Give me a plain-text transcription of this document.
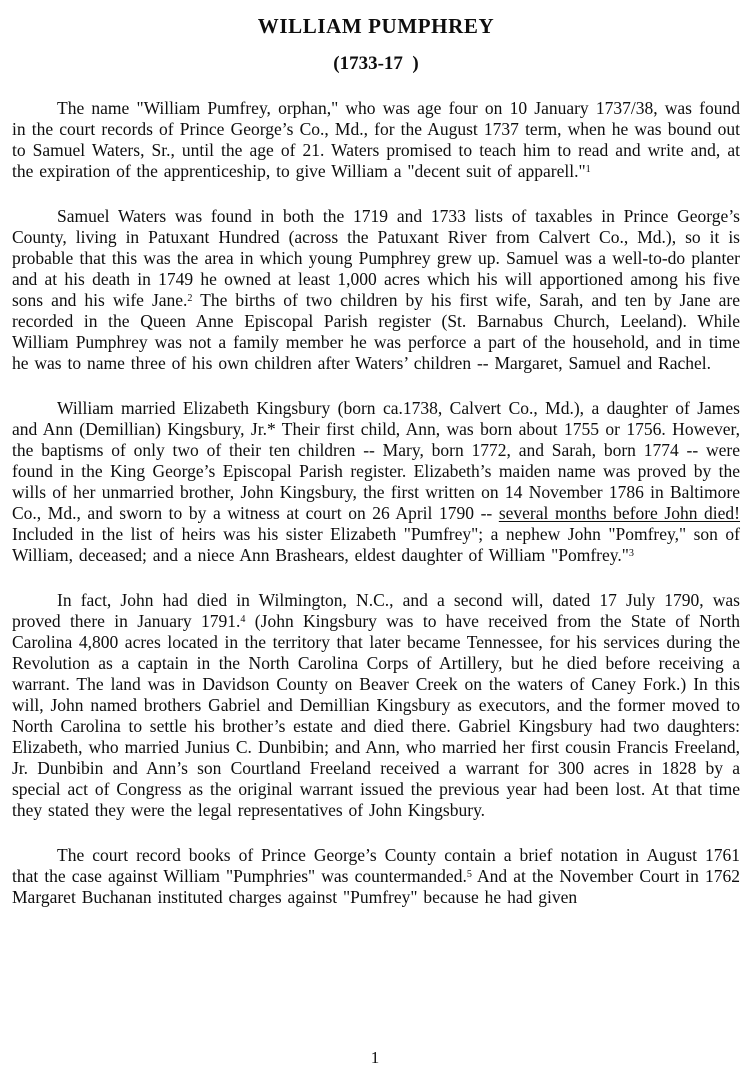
WILLIAM PUMPHREY
(1733-17  )

The name "William Pumfrey, orphan," who was age four on 10 January 1737/38, was found in the court records of Prince George’s Co., Md., for the August 1737 term, when he was bound out to Samuel Waters, Sr., until the age of 21. Waters promised to teach him to read and write and, at the expiration of the apprenticeship, to give William a "decent suit of apparell."$^1$

Samuel Waters was found in both the 1719 and 1733 lists of taxables in Prince George’s County, living in Patuxant Hundred (across the Patuxant River from Calvert Co., Md.), so it is probable that this was the area in which young Pumphrey grew up. Samuel was a well-to-do planter and at his death in 1749 he owned at least 1,000 acres which his will apportioned among his five sons and his wife Jane.$^2$ The births of two children by his first wife, Sarah, and ten by Jane are recorded in the Queen Anne Episcopal Parish register (St. Barnabus Church, Leeland). While William Pumphrey was not a family member he was perforce a part of the household, and in time he was to name three of his own children after Waters’ children -- Margaret, Samuel and Rachel.

William married Elizabeth Kingsbury (born ca.1738, Calvert Co., Md.), a daughter of James and Ann (Demillian) Kingsbury, Jr.* Their first child, Ann, was born about 1755 or 1756. However, the baptisms of only two of their ten children -- Mary, born 1772, and Sarah, born 1774 -- were found in the King George’s Episcopal Parish register. Elizabeth’s maiden name was proved by the wills of her unmarried brother, John Kingsbury, the first written on 14 November 1786 in Baltimore Co., Md., and sworn to by a witness at court on 26 April 1790 -- several months before John died! Included in the list of heirs was his sister Elizabeth "Pumfrey"; a nephew John "Pomfrey," son of William, deceased; and a niece Ann Brashears, eldest daughter of William "Pomfrey."$^3$

In fact, John had died in Wilmington, N.C., and a second will, dated 17 July 1790, was proved there in January 1791.$^4$ (John Kingsbury was to have received from the State of North Carolina 4,800 acres located in the territory that later became Tennessee, for his services during the Revolution as a captain in the North Carolina Corps of Artillery, but he died before receiving a warrant. The land was in Davidson County on Beaver Creek on the waters of Caney Fork.) In this will, John named brothers Gabriel and Demillian Kingsbury as executors, and the former moved to North Carolina to settle his brother’s estate and died there. Gabriel Kingsbury had two daughters: Elizabeth, who married Junius C. Dunbibin; and Ann, who married her first cousin Francis Freeland, Jr. Dunbibin and Ann’s son Courtland Freeland received a warrant for 300 acres in 1828 by a special act of Congress as the original warrant issued the previous year had been lost. At that time they stated they were the legal representatives of John Kingsbury.

The court record books of Prince George’s County contain a brief notation in August 1761 that the case against William "Pumphries" was countermanded.$^5$ And at the November Court in 1762 Margaret Buchanan instituted charges against "Pumfrey" because he had given

1
